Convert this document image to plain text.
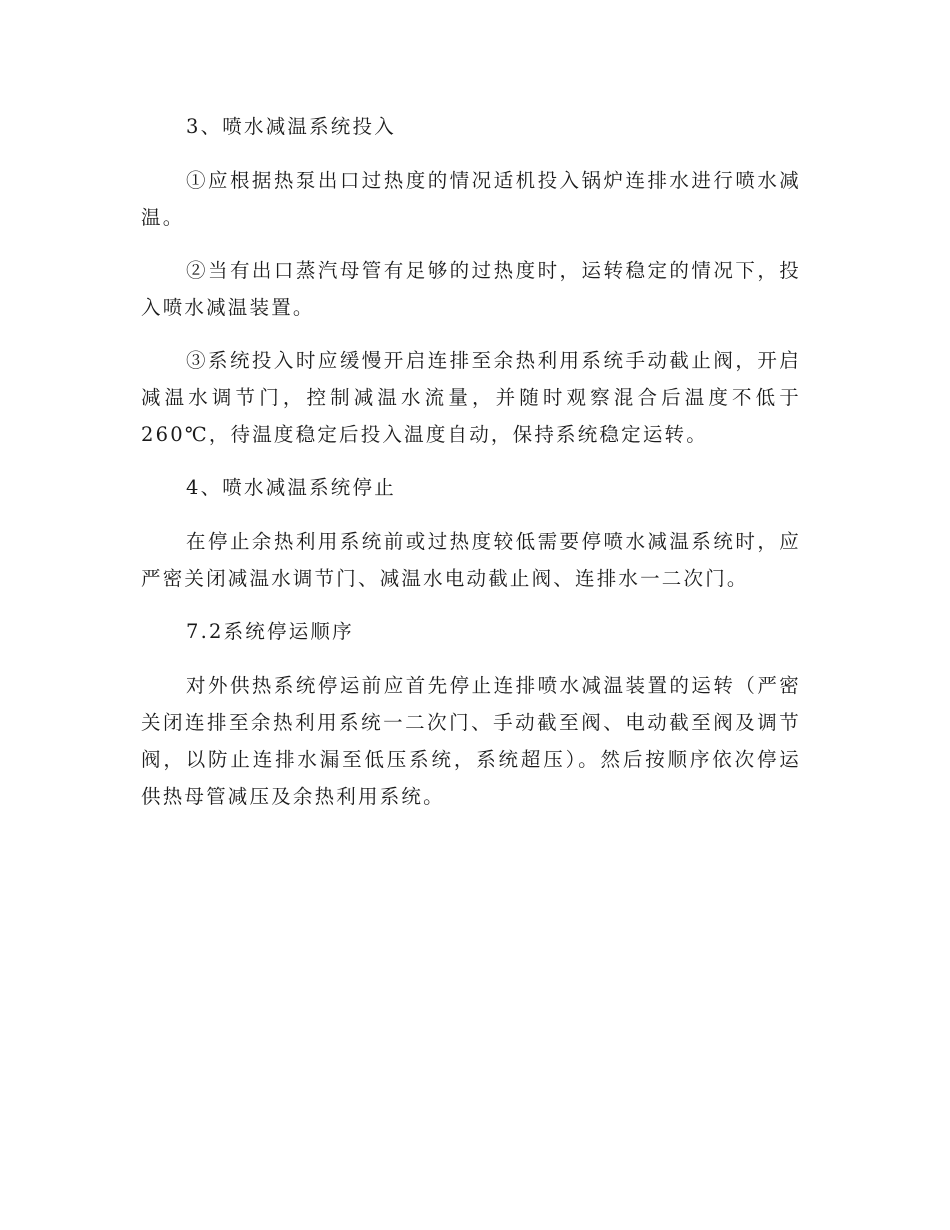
3、喷水减温系统投入

①应根据热泵出口过热度的情况适机投入锅炉连排水进行喷水减温。

②当有出口蒸汽母管有足够的过热度时，运转稳定的情况下，投入喷水减温装置。

③系统投入时应缓慢开启连排至余热利用系统手动截止阀，开启减温水调节门，控制减温水流量，并随时观察混合后温度不低于260℃，待温度稳定后投入温度自动，保持系统稳定运转。

4、喷水减温系统停止

在停止余热利用系统前或过热度较低需要停喷水减温系统时，应严密关闭减温水调节门、减温水电动截止阀、连排水一二次门。

7.2系统停运顺序

对外供热系统停运前应首先停止连排喷水减温装置的运转（严密关闭连排至余热利用系统一二次门、手动截至阀、电动截至阀及调节阀，以防止连排水漏至低压系统，系统超压）。然后按顺序依次停运供热母管减压及余热利用系统。
